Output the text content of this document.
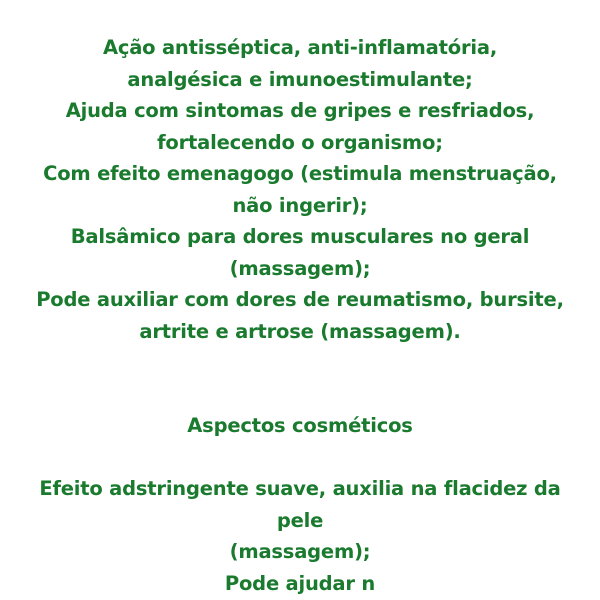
Ação antisséptica, anti-inflamatória,
analgésica e imunoestimulante;
Ajuda com sintomas de gripes e resfriados,
fortalecendo o organismo;
Com efeito emenagogo (estimula menstruação,
não ingerir);
Balsâmico para dores musculares no geral
(massagem);
Pode auxiliar com dores de reumatismo, bursite,
artrite e artrose (massagem).
Aspectos cosméticos
Efeito adstringente suave, auxilia na flacidez da
pele
(massagem);
Pode ajudar n
